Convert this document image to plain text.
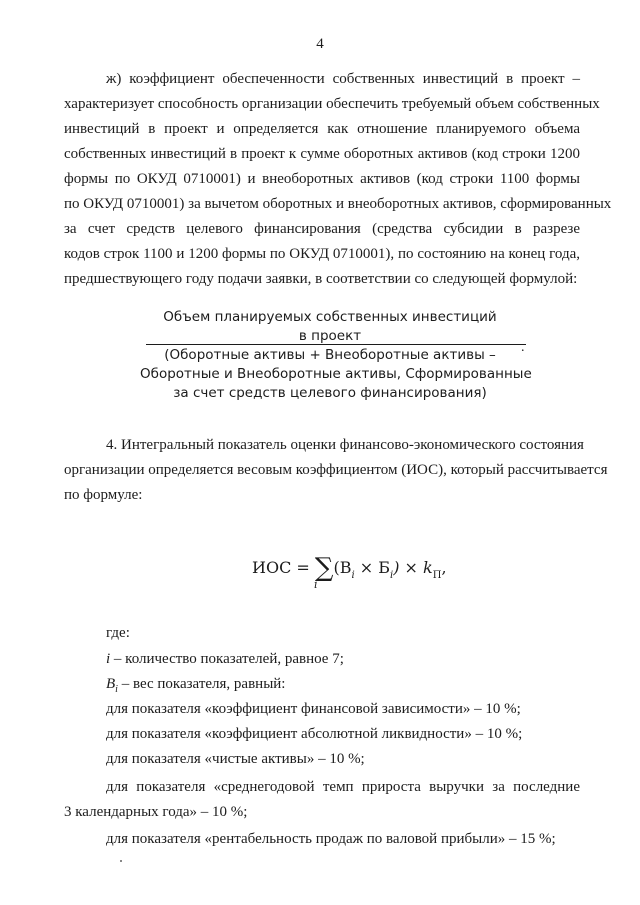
4
ж) коэффициент обеспеченности собственных инвестиций в проект –
характеризует способность организации обеспечить требуемый объем собственных
инвестиций в проект и определяется как отношение планируемого объема
собственных инвестиций в проект к сумме оборотных активов (код строки 1200
формы по ОКУД 0710001) и внеоборотных активов (код строки 1100 формы
по ОКУД 0710001) за вычетом оборотных и внеоборотных активов, сформированных
за счет средств целевого финансирования (средства субсидии в разрезе
кодов строк 1100 и 1200 формы по ОКУД 0710001), по состоянию на конец года,
предшествующего году подачи заявки, в соответствии со следующей формулой:
Объем планируемых собственных инвестиций
в проект
.
(Оборотные активы + Внеоборотные активы –
Оборотные и Внеоборотные активы, Сформированные
за счет средств целевого финансирования)
4. Интегральный показатель оценки финансово-экономического состояния
организации определяется весовым коэффициентом (ИОС), который рассчитывается
по формуле:
ИОС = ∑
i
$(B_i \times Б_i) \times k_П$,
где:
i – количество показателей, равное 7;
$B_i$ – вес показателя, равный:
для показателя «коэффициент финансовой зависимости» – 10 %;
для показателя «коэффициент абсолютной ликвидности» – 10 %;
для показателя «чистые активы» – 10 %;
для показателя «среднегодовой темп прироста выручки за последние
3 календарных года» – 10 %;
для показателя «рентабельность продаж по валовой прибыли» – 15 %;
